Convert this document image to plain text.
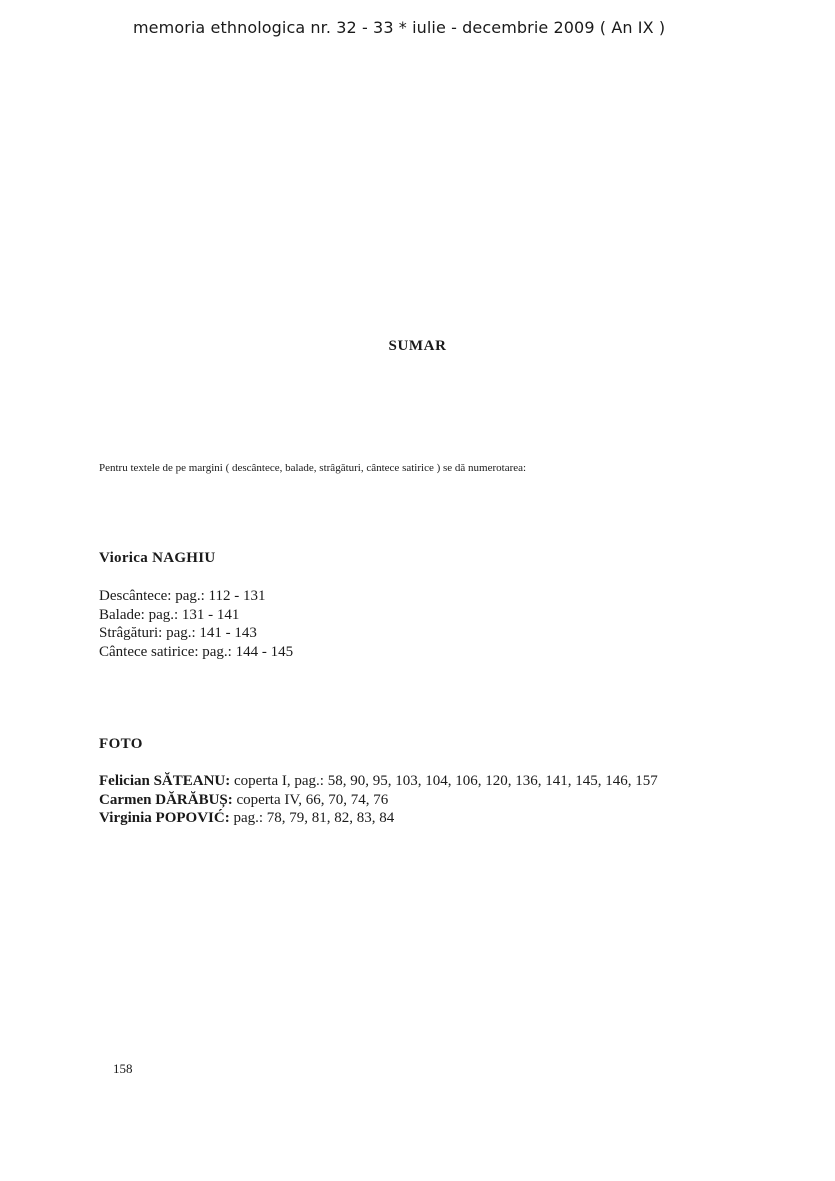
memoria ethnologica nr. 32 - 33 * iulie - decembrie 2009 ( An IX )
SUMAR
Pentru textele de pe margini ( descântece, balade, strâgături, cântece satirice ) se dă numerotarea:
Viorica NAGHIU
Descântece: pag.: 112 - 131
Balade: pag.: 131 - 141
Strâgături: pag.: 141 - 143
Cântece satirice: pag.: 144 - 145
FOTO
Felician SĂTEANU: coperta I, pag.: 58, 90, 95, 103, 104, 106, 120, 136, 141, 145, 146, 157
Carmen DĂRĂBUȘ: coperta IV, 66, 70, 74, 76
Virginia POPOVIĆ: pag.: 78, 79, 81, 82, 83, 84
158
